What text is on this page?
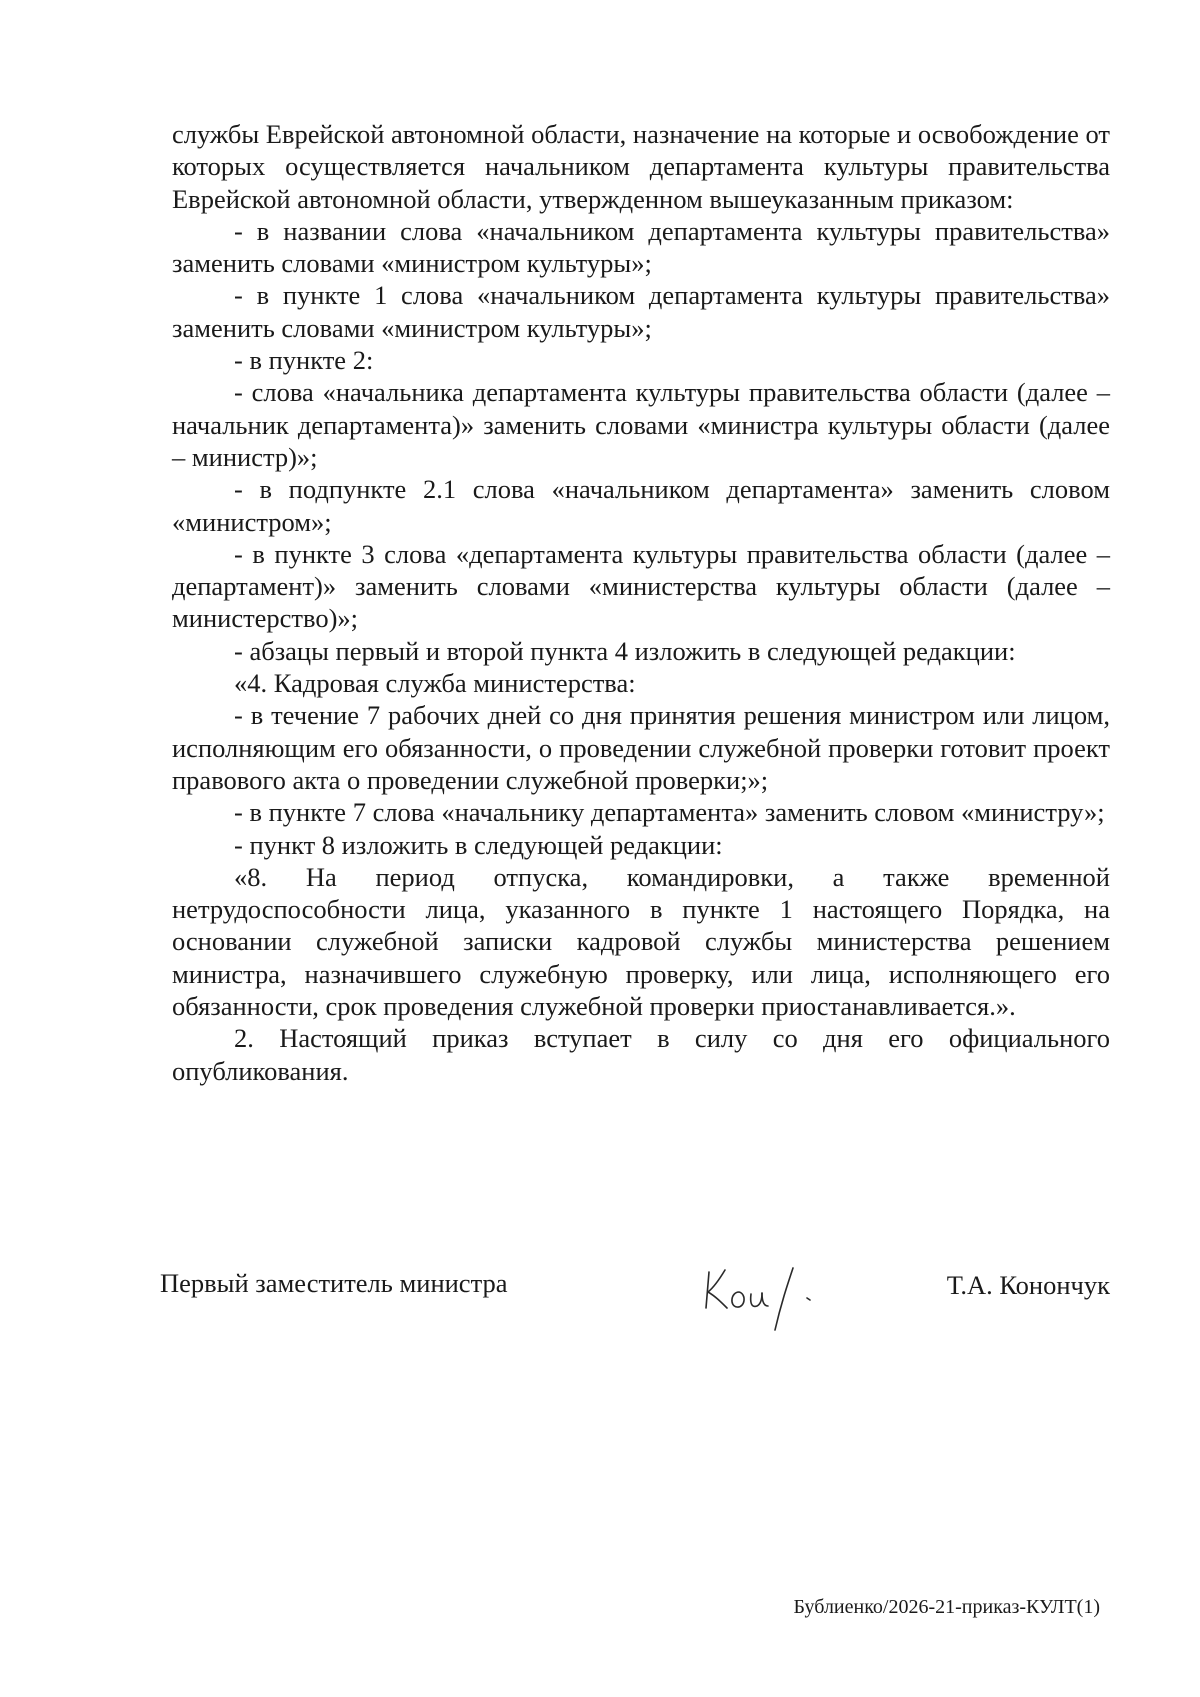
службы Еврейской автономной области, назначение на которые и освобождение от которых осуществляется начальником департамента культуры правительства Еврейской автономной области, утвержденном вышеуказанным приказом:

- в названии слова «начальником департамента культуры правительства» заменить словами «министром культуры»;

- в пункте 1 слова «начальником департамента культуры правительства» заменить словами «министром культуры»;

- в пункте 2:

- слова «начальника департамента культуры правительства области (далее – начальник департамента)» заменить словами «министра культуры области (далее – министр)»;

- в подпункте 2.1 слова «начальником департамента» заменить словом «министром»;

- в пункте 3 слова «департамента культуры правительства области (далее – департамент)» заменить словами «министерства культуры области (далее – министерство)»;

- абзацы первый и второй пункта 4 изложить в следующей редакции:

«4. Кадровая служба министерства:

- в течение 7 рабочих дней со дня принятия решения министром или лицом, исполняющим его обязанности, о проведении служебной проверки готовит проект правового акта о проведении служебной проверки;»;

- в пункте 7 слова «начальнику департамента» заменить словом «министру»;

- пункт 8 изложить в следующей редакции:

«8. На период отпуска, командировки, а также временной нетрудоспособности лица, указанного в пункте 1 настоящего Порядка, на основании служебной записки кадровой службы министерства решением министра, назначившего служебную проверку, или лица, исполняющего его обязанности, срок проведения служебной проверки приостанавливается.».

2. Настоящий приказ вступает в силу со дня его официального опубликования.

Первый заместитель министра	Т.А. Конончук
Бублиенко/2026-21-приказ-КУЛТ(1)
